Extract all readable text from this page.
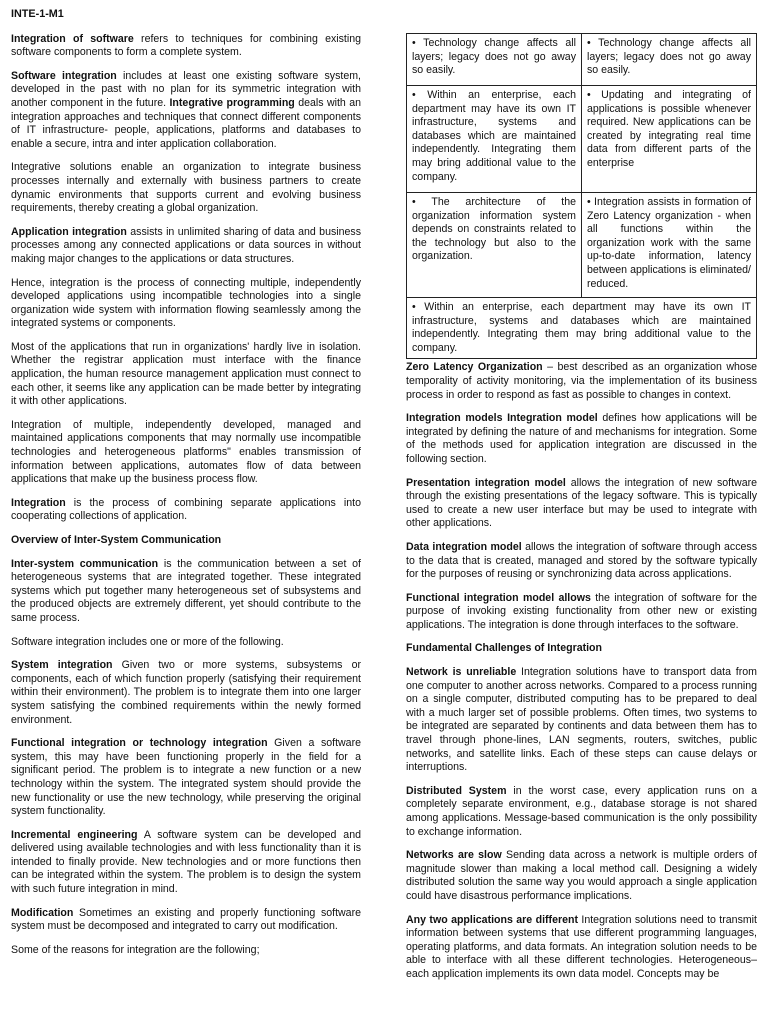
INTE-1-M1

Integration of software refers to techniques for combining existing software components to form a complete system.

Software integration includes at least one existing software system, developed in the past with no plan for its symmetric integration with another component in the future. Integrative programming deals with an integration approaches and techniques that connect different components of IT infrastructure- people, applications, platforms and databases to enable a secure, intra and inter application collaboration.

Integrative solutions enable an organization to integrate business processes internally and externally with business partners to create dynamic environments that supports current and evolving business requirements, thereby creating a global organization.

Application integration assists in unlimited sharing of data and business processes among any connected applications or data sources in without making major changes to the applications or data structures.

Hence, integration is the process of connecting multiple, independently developed applications using incompatible technologies into a single organization wide system with information flowing seamlessly among the integrated systems or components.

Most of the applications that run in organizations' hardly live in isolation. Whether the registrar application must interface with the finance application, the human resource management application must connect to each other, it seems like any application can be made better by integrating it with other applications.

Integration of multiple, independently developed, managed and maintained applications components that may normally use incompatible technologies and heterogeneous platforms" enables transmission of information between applications, automates flow of data between applications that make up the business process flow.

Integration is the process of combining separate applications into cooperating collections of application.

Overview of Inter-System Communication

Inter-system communication is the communication between a set of heterogeneous systems that are integrated together. These integrated systems which put together many heterogeneous set of subsystems and the produced objects are extremely different, yet should contribute to the same process.

Software integration includes one or more of the following.

System integration Given two or more systems, subsystems or components, each of which function properly (satisfying their requirement within their environment). The problem is to integrate them into one larger system satisfying the combined requirements within the newly formed environment.

Functional integration or technology integration Given a software system, this may have been functioning properly in the field for a significant period. The problem is to integrate a new function or a new technology within the system. The integrated system should provide the new functionality or use the new technology, while preserving the original system functionality.

Incremental engineering A software system can be developed and delivered using available technologies and with less functionality than it is intended to finally provide. New technologies and or more functions then can be integrated within the system. The problem is to design the system with such future integration in mind.

Modification Sometimes an existing and properly functioning software system must be decomposed and integrated to carry out modification.

Some of the reasons for integration are the following;

• Technology change affects all layers; legacy does not go away so easily.	• Technology change affects all layers; legacy does not go away so easily.
• Within an enterprise, each department may have its own IT infrastructure, systems and databases which are maintained independently. Integrating them may bring additional value to the company.	• Updating and integrating of applications is possible whenever required. New applications can be created by integrating real time data from different parts of the enterprise
• The architecture of the organization information system depends on constraints related to the technology but also to the organization.	• Integration assists in formation of Zero Latency organization - when all functions within the organization work with the same up-to-date information, latency between applications is eliminated/ reduced.
• Within an enterprise, each department may have its own IT infrastructure, systems and databases which are maintained independently. Integrating them may bring additional value to the company.	

Zero Latency Organization – best described as an organization whose temporality of activity monitoring, via the implementation of its business process in order to respond as fast as possible to changes in context.

Integration models Integration model defines how applications will be integrated by defining the nature of and mechanisms for integration. Some of the methods used for application integration are discussed in the following section.

Presentation integration model allows the integration of new software through the existing presentations of the legacy software. This is typically used to create a new user interface but may be used to integrate with other applications.

Data integration model allows the integration of software through access to the data that is created, managed and stored by the software typically for the purposes of reusing or synchronizing data across applications.

Functional integration model allows the integration of software for the purpose of invoking existing functionality from other new or existing applications. The integration is done through interfaces to the software.

Fundamental Challenges of Integration

Network is unreliable Integration solutions have to transport data from one computer to another across networks. Compared to a process running on a single computer, distributed computing has to be prepared to deal with a much larger set of possible problems. Often times, two systems to be integrated are separated by continents and data between them has to travel through phone-lines, LAN segments, routers, switches, public networks, and satellite links. Each of these steps can cause delays or interruptions.

Distributed System in the worst case, every application runs on a completely separate environment, e.g., database storage is not shared among applications. Message-based communication is the only possibility to exchange information.

Networks are slow Sending data across a network is multiple orders of magnitude slower than making a local method call. Designing a widely distributed solution the same way you would approach a single application could have disastrous performance implications.

Any two applications are different Integration solutions need to transmit information between systems that use different programming languages, operating platforms, and data formats. An integration solution needs to be able to interface with all these different technologies. Heterogeneous– each application implements its own data model. Concepts may be
